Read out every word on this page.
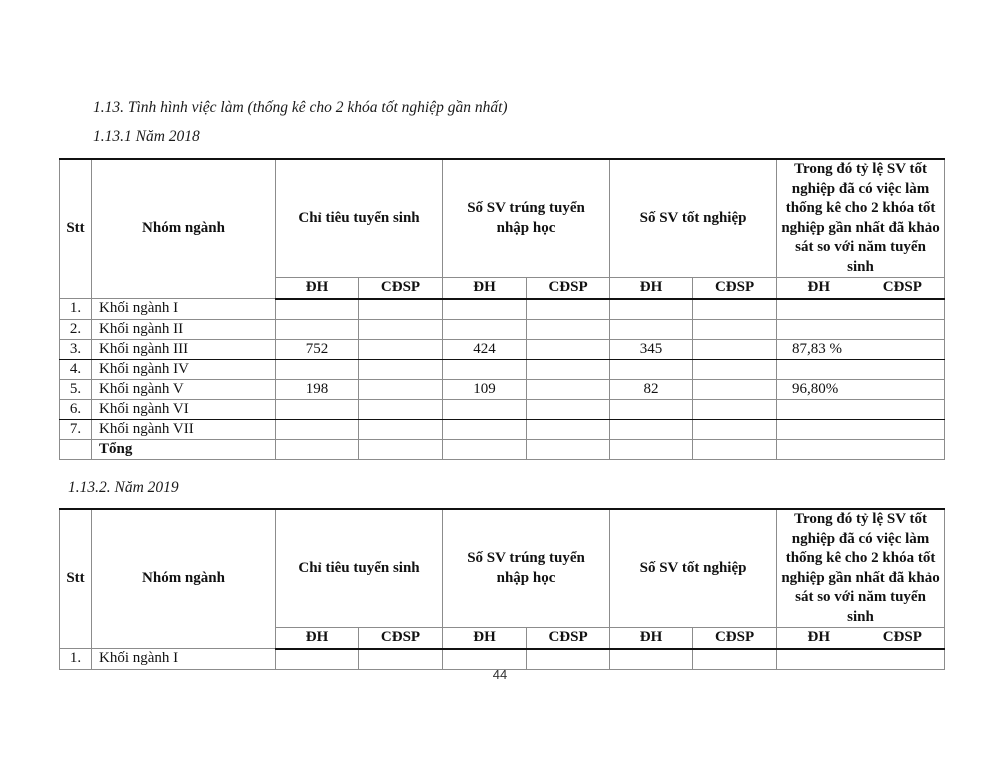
1.13. Tình hình việc làm (thống kê cho 2 khóa tốt nghiệp gần nhất)
1.13.1 Năm 2018
Stt	Nhóm ngành	Chỉ tiêu tuyển sinh		Số SV trúng tuyển nhập học		Số SV tốt nghiệp		Trong đó tỷ lệ SV tốt nghiệp đã có việc làm thống kê cho 2 khóa tốt nghiệp gần nhất đã khảo sát so với năm tuyển sinh	
		ĐH	CĐSP	ĐH	CĐSP	ĐH	CĐSP	ĐH	CĐSP
1.	Khối ngành I								
2.	Khối ngành II								
3.	Khối ngành III	752		424		345		87,83 %	
4.	Khối ngành IV								
5.	Khối ngành V	198		109		82		96,80%	
6.	Khối ngành VI								
7.	Khối ngành VII								
	Tổng								
1.13.2. Năm 2019
Stt	Nhóm ngành	Chỉ tiêu tuyển sinh		Số SV trúng tuyển nhập học		Số SV tốt nghiệp		Trong đó tỷ lệ SV tốt nghiệp đã có việc làm thống kê cho 2 khóa tốt nghiệp gần nhất đã khảo sát so với năm tuyển sinh	
		ĐH	CĐSP	ĐH	CĐSP	ĐH	CĐSP	ĐH	CĐSP
1.	Khối ngành I								
44
